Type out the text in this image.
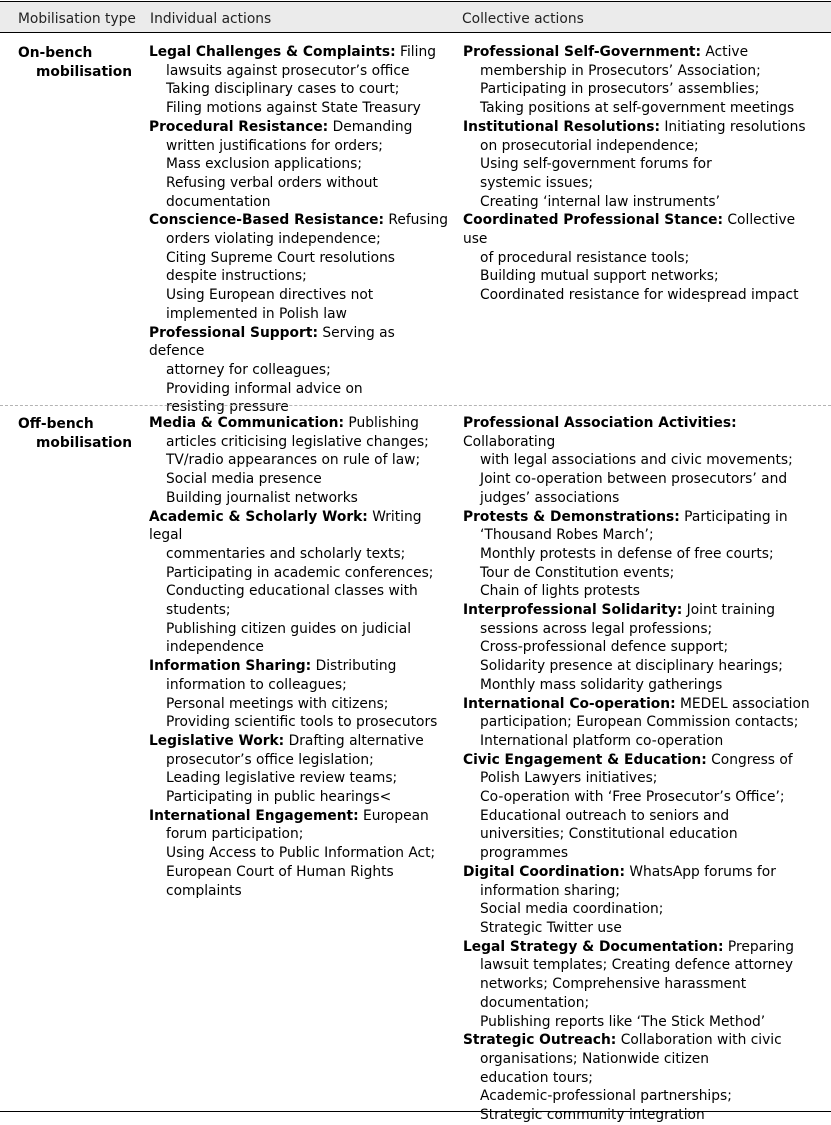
Mobilisation type Individual actions	Collective actions
On-bench
mobilisation
Legal Challenges & Complaints: Filing
lawsuits against prosecutor’s office
Taking disciplinary cases to court;
Filing motions against State Treasury
Procedural Resistance: Demanding
written justifications for orders;
Mass exclusion applications;
Refusing verbal orders without
documentation
Conscience-Based Resistance: Refusing
orders violating independence;
Citing Supreme Court resolutions
despite instructions;
Using European directives not
implemented in Polish law
Professional Support: Serving as defence
attorney for colleagues;
Providing informal advice on
resisting pressure
Professional Self-Government: Active
membership in Prosecutors’ Association;
Participating in prosecutors’ assemblies;
Taking positions at self-government meetings
Institutional Resolutions: Initiating resolutions
on prosecutorial independence;
Using self-government forums for
systemic issues;
Creating ‘internal law instruments’
Coordinated Professional Stance: Collective use
of procedural resistance tools;
Building mutual support networks;
Coordinated resistance for widespread impact
Off-bench
mobilisation
Media & Communication: Publishing
articles criticising legislative changes;
TV/radio appearances on rule of law;
Social media presence
Building journalist networks
Academic & Scholarly Work: Writing legal
commentaries and scholarly texts;
Participating in academic conferences;
Conducting educational classes with
students;
Publishing citizen guides on judicial
independence
Information Sharing: Distributing
information to colleagues;
Personal meetings with citizens;
Providing scientific tools to prosecutors
Legislative Work: Drafting alternative
prosecutor’s office legislation;
Leading legislative review teams;
Participating in public hearings<
International Engagement: European
forum participation;
Using Access to Public Information Act;
European Court of Human Rights
complaints
Professional Association Activities: Collaborating
with legal associations and civic movements;
Joint co-operation between prosecutors’ and
judges’ associations
Protests & Demonstrations: Participating in
‘Thousand Robes March’;
Monthly protests in defense of free courts;
Tour de Constitution events;
Chain of lights protests
Interprofessional Solidarity: Joint training
sessions across legal professions;
Cross-professional defence support;
Solidarity presence at disciplinary hearings;
Monthly mass solidarity gatherings
International Co-operation: MEDEL association
participation; European Commission contacts;
International platform co-operation
Civic Engagement & Education: Congress of
Polish Lawyers initiatives;
Co-operation with ‘Free Prosecutor’s Office’;
Educational outreach to seniors and
universities; Constitutional education
programmes
Digital Coordination: WhatsApp forums for
information sharing;
Social media coordination;
Strategic Twitter use
Legal Strategy & Documentation: Preparing
lawsuit templates; Creating defence attorney
networks; Comprehensive harassment
documentation;
Publishing reports like ‘The Stick Method’
Strategic Outreach: Collaboration with civic
organisations; Nationwide citizen
education tours;
Academic-professional partnerships;
Strategic community integration
